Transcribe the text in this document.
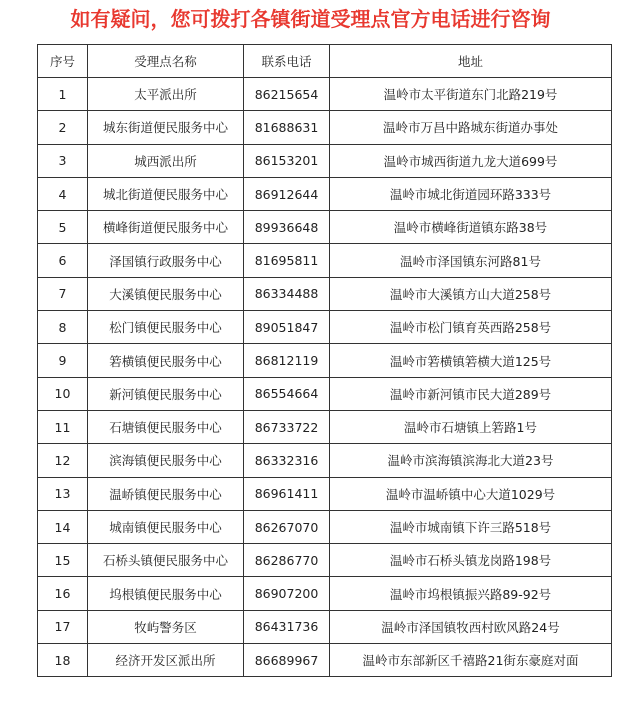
如有疑问，您可拨打各镇街道受理点官方电话进行咨询
序号	受理点名称	联系电话	地址
1	太平派出所	86215654	温岭市太平街道东门北路219号
2	城东街道便民服务中心	81688631	温岭市万昌中路城东街道办事处
3	城西派出所	86153201	温岭市城西街道九龙大道699号
4	城北街道便民服务中心	86912644	温岭市城北街道园环路333号
5	横峰街道便民服务中心	89936648	温岭市横峰街道镇东路38号
6	泽国镇行政服务中心	81695811	温岭市泽国镇东河路81号
7	大溪镇便民服务中心	86334488	温岭市大溪镇方山大道258号
8	松门镇便民服务中心	89051847	温岭市松门镇育英西路258号
9	箬横镇便民服务中心	86812119	温岭市箬横镇箬横大道125号
10	新河镇便民服务中心	86554664	温岭市新河镇市民大道289号
11	石塘镇便民服务中心	86733722	温岭市石塘镇上箬路1号
12	滨海镇便民服务中心	86332316	温岭市滨海镇滨海北大道23号
13	温峤镇便民服务中心	86961411	温岭市温峤镇中心大道1029号
14	城南镇便民服务中心	86267070	温岭市城南镇下许三路518号
15	石桥头镇便民服务中心	86286770	温岭市石桥头镇龙岗路198号
16	坞根镇便民服务中心	86907200	温岭市坞根镇振兴路89-92号
17	牧屿警务区	86431736	温岭市泽国镇牧西村欧风路24号
18	经济开发区派出所	86689967	温岭市东部新区千禧路21街东豪庭对面
